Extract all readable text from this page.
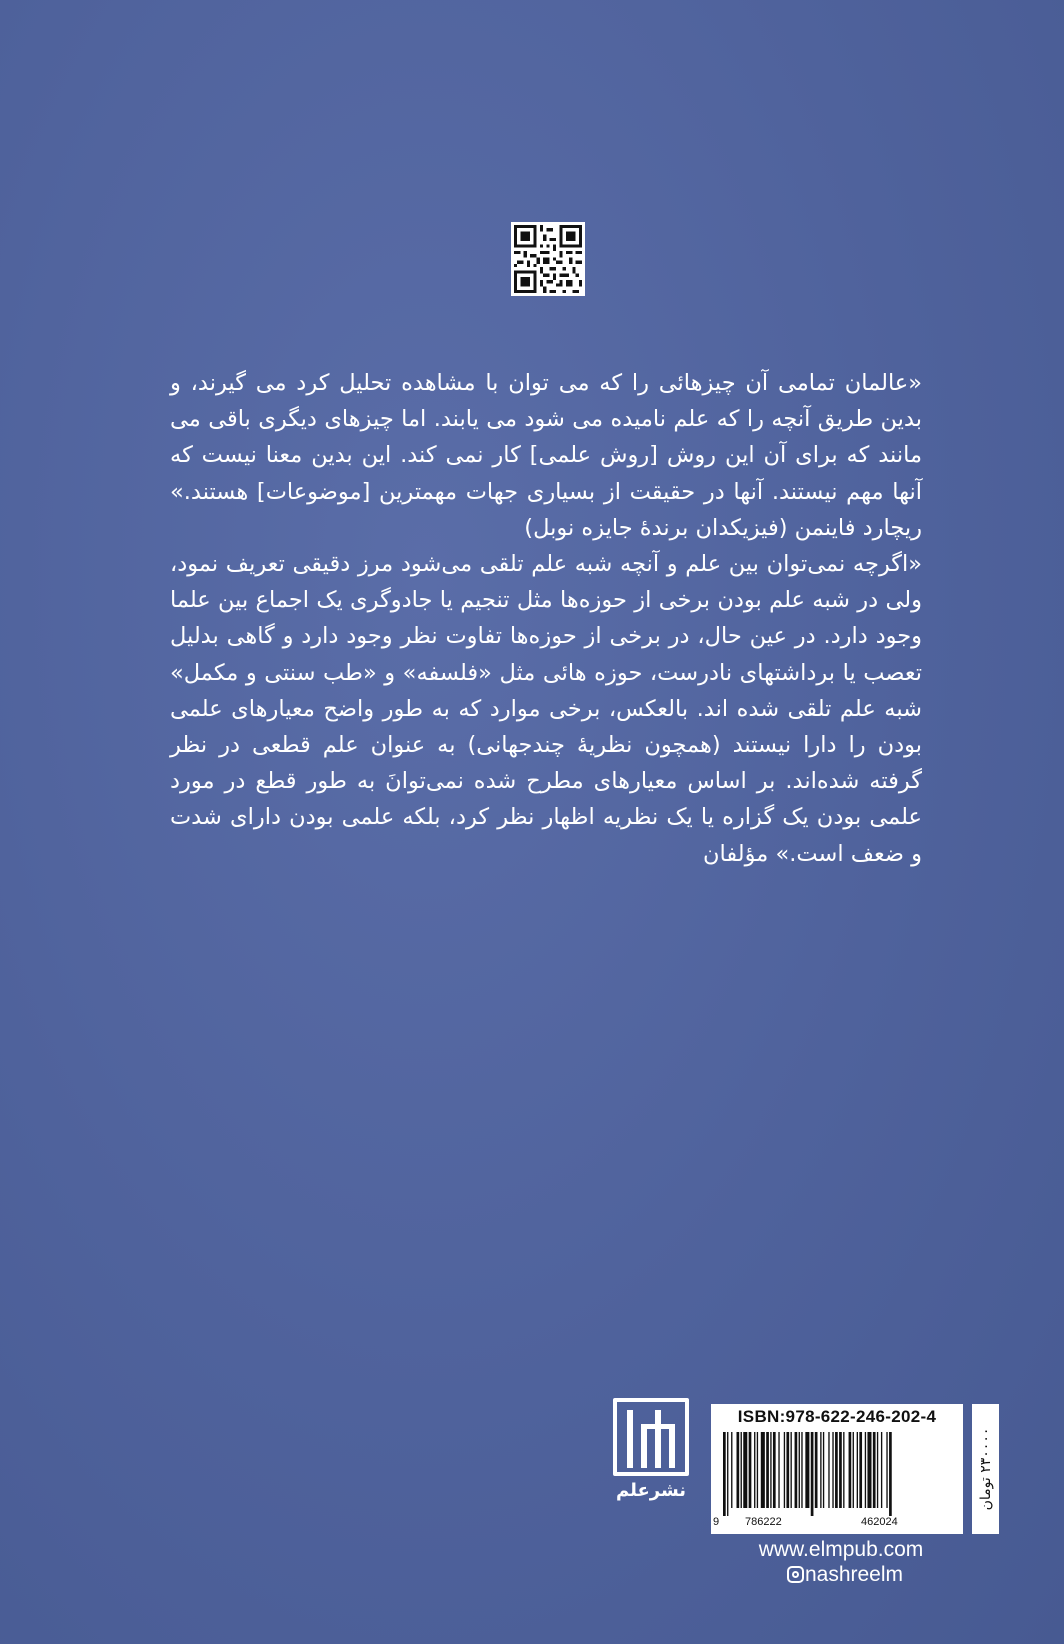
«عالمان تمامی آن چیزهائی را که می توان با مشاهده تحلیل کرد می گیرند، و بدین طریق آنچه را که علم نامیده می شود می یابند. اما چیزهای دیگری باقی می مانند که برای آن این روش [روش علمی] کار نمی کند. این بدین معنا نیست که آنها مهم نیستند. آنها در حقیقت از بسیاری جهات مهمترین [موضوعات] هستند.» ریچارد فاینمن (فیزیکدان برندهٔ جایزه نوبل)

«اگرچه نمی‌توان بین علم و آنچه شبه علم تلقی می‌شود مرز دقیقی تعریف نمود، ولی در شبه علم بودن برخی از حوزه‌ها مثل تنجیم یا جادوگری یک اجماع بین علما وجود دارد. در عین حال، در برخی از حوزه‌ها تفاوت نظر وجود دارد و گاهی بدلیل تعصب یا برداشتهای نادرست، حوزه هائی مثل «فلسفه» و «طب سنتی و مکمل» شبه علم تلقی شده اند. بالعکس، برخی موارد که به طور واضح معیارهای علمی بودن را دارا نیستند (همچون نظریهٔ چندجهانی) به عنوان علم قطعی در نظر گرفته شده‌اند. بر اساس معیارهای مطرح شده نمی‌توانَ به طور قطع در مورد علمی بودن یک گزاره یا یک نظریه اظهار نظر کرد، بلکه علمی بودن دارای شدت و ضعف است.» مؤلفان

نشرعلم
ISBN:978-622-246-202-4
9 786222	462024
۲۳۰۰۰۰ تومان
www.elmpub.com
nashreelm
